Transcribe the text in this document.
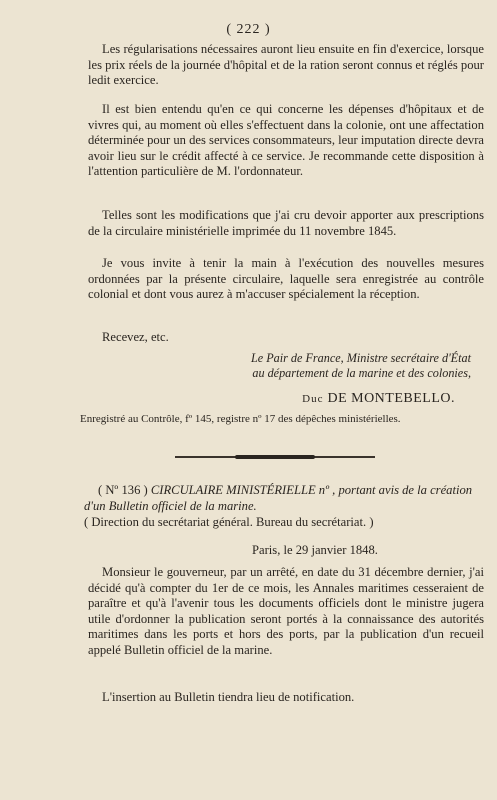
( 222 )

Les régularisations nécessaires auront lieu ensuite en fin d'exercice, lorsque les prix réels de la journée d'hôpital et de la ration seront connus et réglés pour ledit exercice.

Il est bien entendu qu'en ce qui concerne les dépenses d'hôpitaux et de vivres qui, au moment où elles s'effectuent dans la colonie, ont une affectation déterminée pour un des services consommateurs, leur imputation directe devra avoir lieu sur le crédit affecté à ce service. Je recommande cette disposition à l'attention particulière de M. l'ordonnateur.

Telles sont les modifications que j'ai cru devoir apporter aux prescriptions de la circulaire ministérielle imprimée du 11 novembre 1845.

Je vous invite à tenir la main à l'exécution des nouvelles mesures ordonnées par la présente circulaire, laquelle sera enregistrée au contrôle colonial et dont vous aurez à m'accuser spécialement la réception.

Recevez, etc.

Le Pair de France, Ministre secrétaire d'État

au département de la marine et des colonies,

Duc DE MONTEBELLO.

Enregistré au Contrôle, fº 145, registre nº 17 des dépêches ministérielles.

( Nº 136 ) CIRCULAIRE MINISTÉRIELLE nº , portant avis de la création d'un Bulletin officiel de la marine.
( Direction du secrétariat général. Bureau du secrétariat. )

Paris, le 29 janvier 1848.

Monsieur le gouverneur, par un arrêté, en date du 31 décembre dernier, j'ai décidé qu'à compter du 1er de ce mois, les Annales maritimes cesseraient de paraître et qu'à l'avenir tous les documents officiels dont le ministre jugera utile d'ordonner la publication seront portés à la connaissance des autorités maritimes dans les ports et hors des ports, par la publication d'un recueil appelé Bulletin officiel de la marine.

L'insertion au Bulletin tiendra lieu de notification.
